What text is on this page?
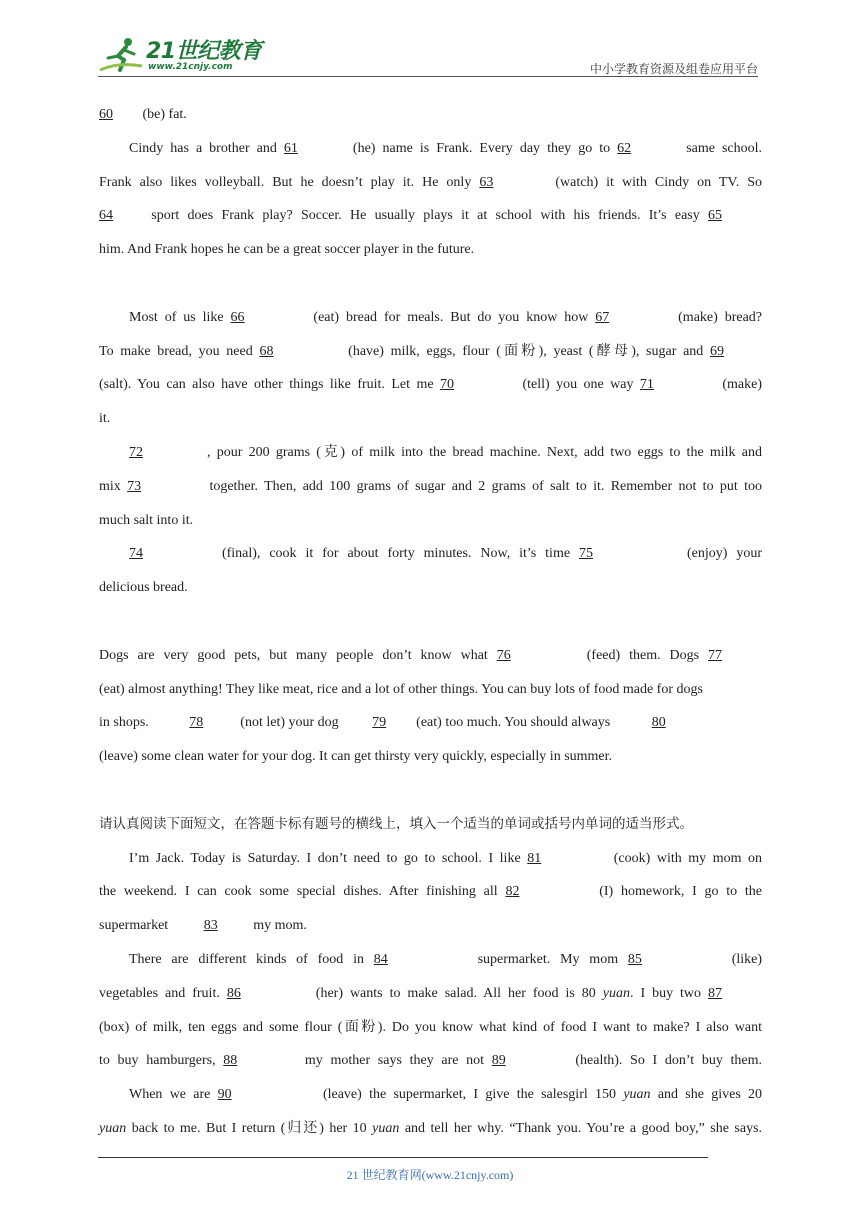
21世纪教育
www.21cnjy.com	中小学教育资源及组卷应用平台
60 (be) fat.
Cindy has a brother and 61	(he) name is Frank. Every day they go to 62	same school.
Frank also likes volleyball. But he doesn’t play it. He only 63	(watch) it with Cindy on TV. So
64	sport does Frank play? Soccer. He usually plays it at school with his friends. It’s easy 65
him. And Frank hopes he can be a great soccer player in the future.
Most of us like 66	(eat) bread for meals. But do you know how 67	(make) bread?
To make bread, you need 68	(have) milk, eggs, flour (面粉), yeast (酵母), sugar and 69
(salt). You can also have other things like fruit. Let me 70	(tell) you one way 71	(make)
it.
72	, pour 200 grams (克) of milk into the bread machine. Next, add two eggs to the milk and
mix 73	together. Then, add 100 grams of sugar and 2 grams of salt to it. Remember not to put too
much salt into it.
74	(final), cook it for about forty minutes. Now, it’s time 75	(enjoy) your
delicious bread.
Dogs are very good pets, but many people don’t know what 76	(feed) them. Dogs 77
(eat) almost anything! They like meat, rice and a lot of other things. You can buy lots of food made for dogs
in shops.	78	(not let) your dog 79 (eat) too much. You should always	80
(leave) some clean water for your dog. It can get thirsty very quickly, especially in summer.
请认真阅读下面短文，在答题卡标有题号的横线上，填入一个适当的单词或括号内单词的适当形式。
I’m Jack. Today is Saturday. I don’t need to go to school. I like 81	(cook) with my mom on
the weekend. I can cook some special dishes. After finishing all 82	(I) homework, I go to the
supermarket	83	my mom.
There are different kinds of food in 84	supermarket. My mom 85	(like)
vegetables and fruit. 86	(her) wants to make salad. All her food is 80 yuan. I buy two 87
(box) of milk, ten eggs and some flour (面粉). Do you know what kind of food I want to make? I also want
to buy hamburgers, 88	my mother says they are not 89	(health). So I don’t buy them.
When we are 90	(leave) the supermarket, I give the salesgirl 150 yuan and she gives 20
yuan back to me. But I return (归还) her 10 yuan and tell her why. “Thank you. You’re a good boy,” she says.
21 世纪教育网(www.21cnjy.com)
